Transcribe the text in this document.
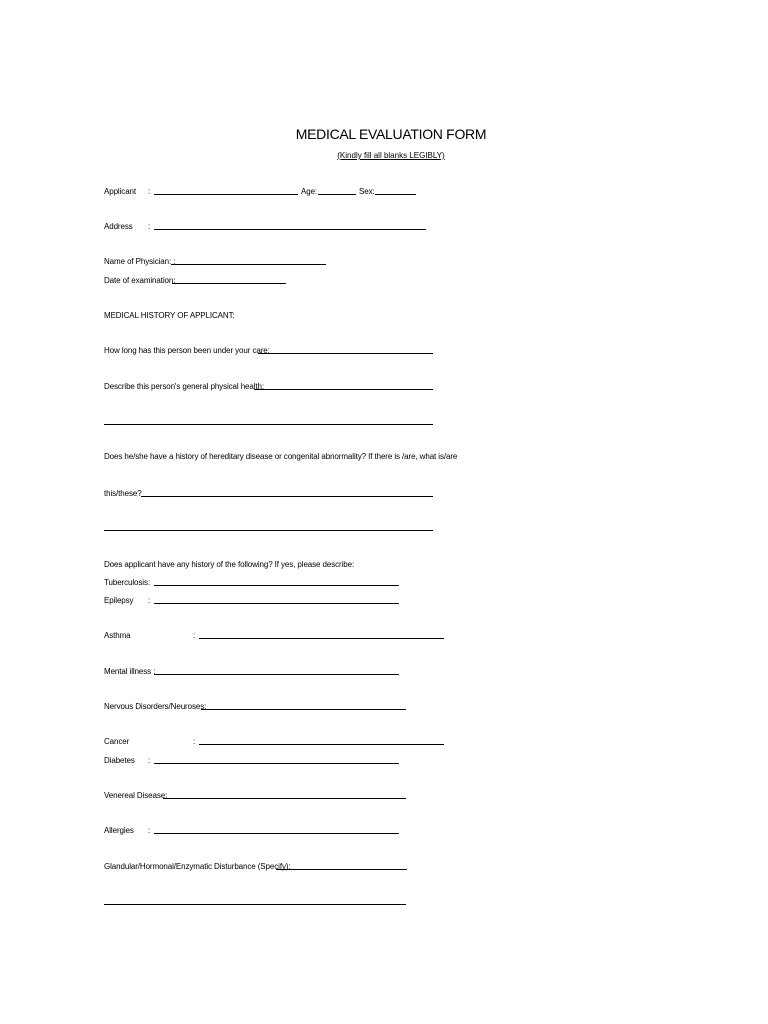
MEDICAL EVALUATION FORM
(Kindly fill all blanks LEGIBLY)
Applicant :	Age:	Sex:
Address :
Name of Physician: :
Date of examination:
MEDICAL HISTORY OF APPLICANT:
How long has this person been under your care:
Describe this person's general physical health:
Does he/she have a history of hereditary disease or congenital abnormality? If there is /are, what is/are
this/these?
Does applicant have any history of the following? If yes, please describe:
Tuberculosis :
Epilepsy :
Asthma	:
Mental illness :
Nervous Disorders/Neuroses:
Cancer	:
Diabetes :
Venereal Disease:
Allergies :
Glandular/Hormonal/Enzymatic Disturbance (Specify):
